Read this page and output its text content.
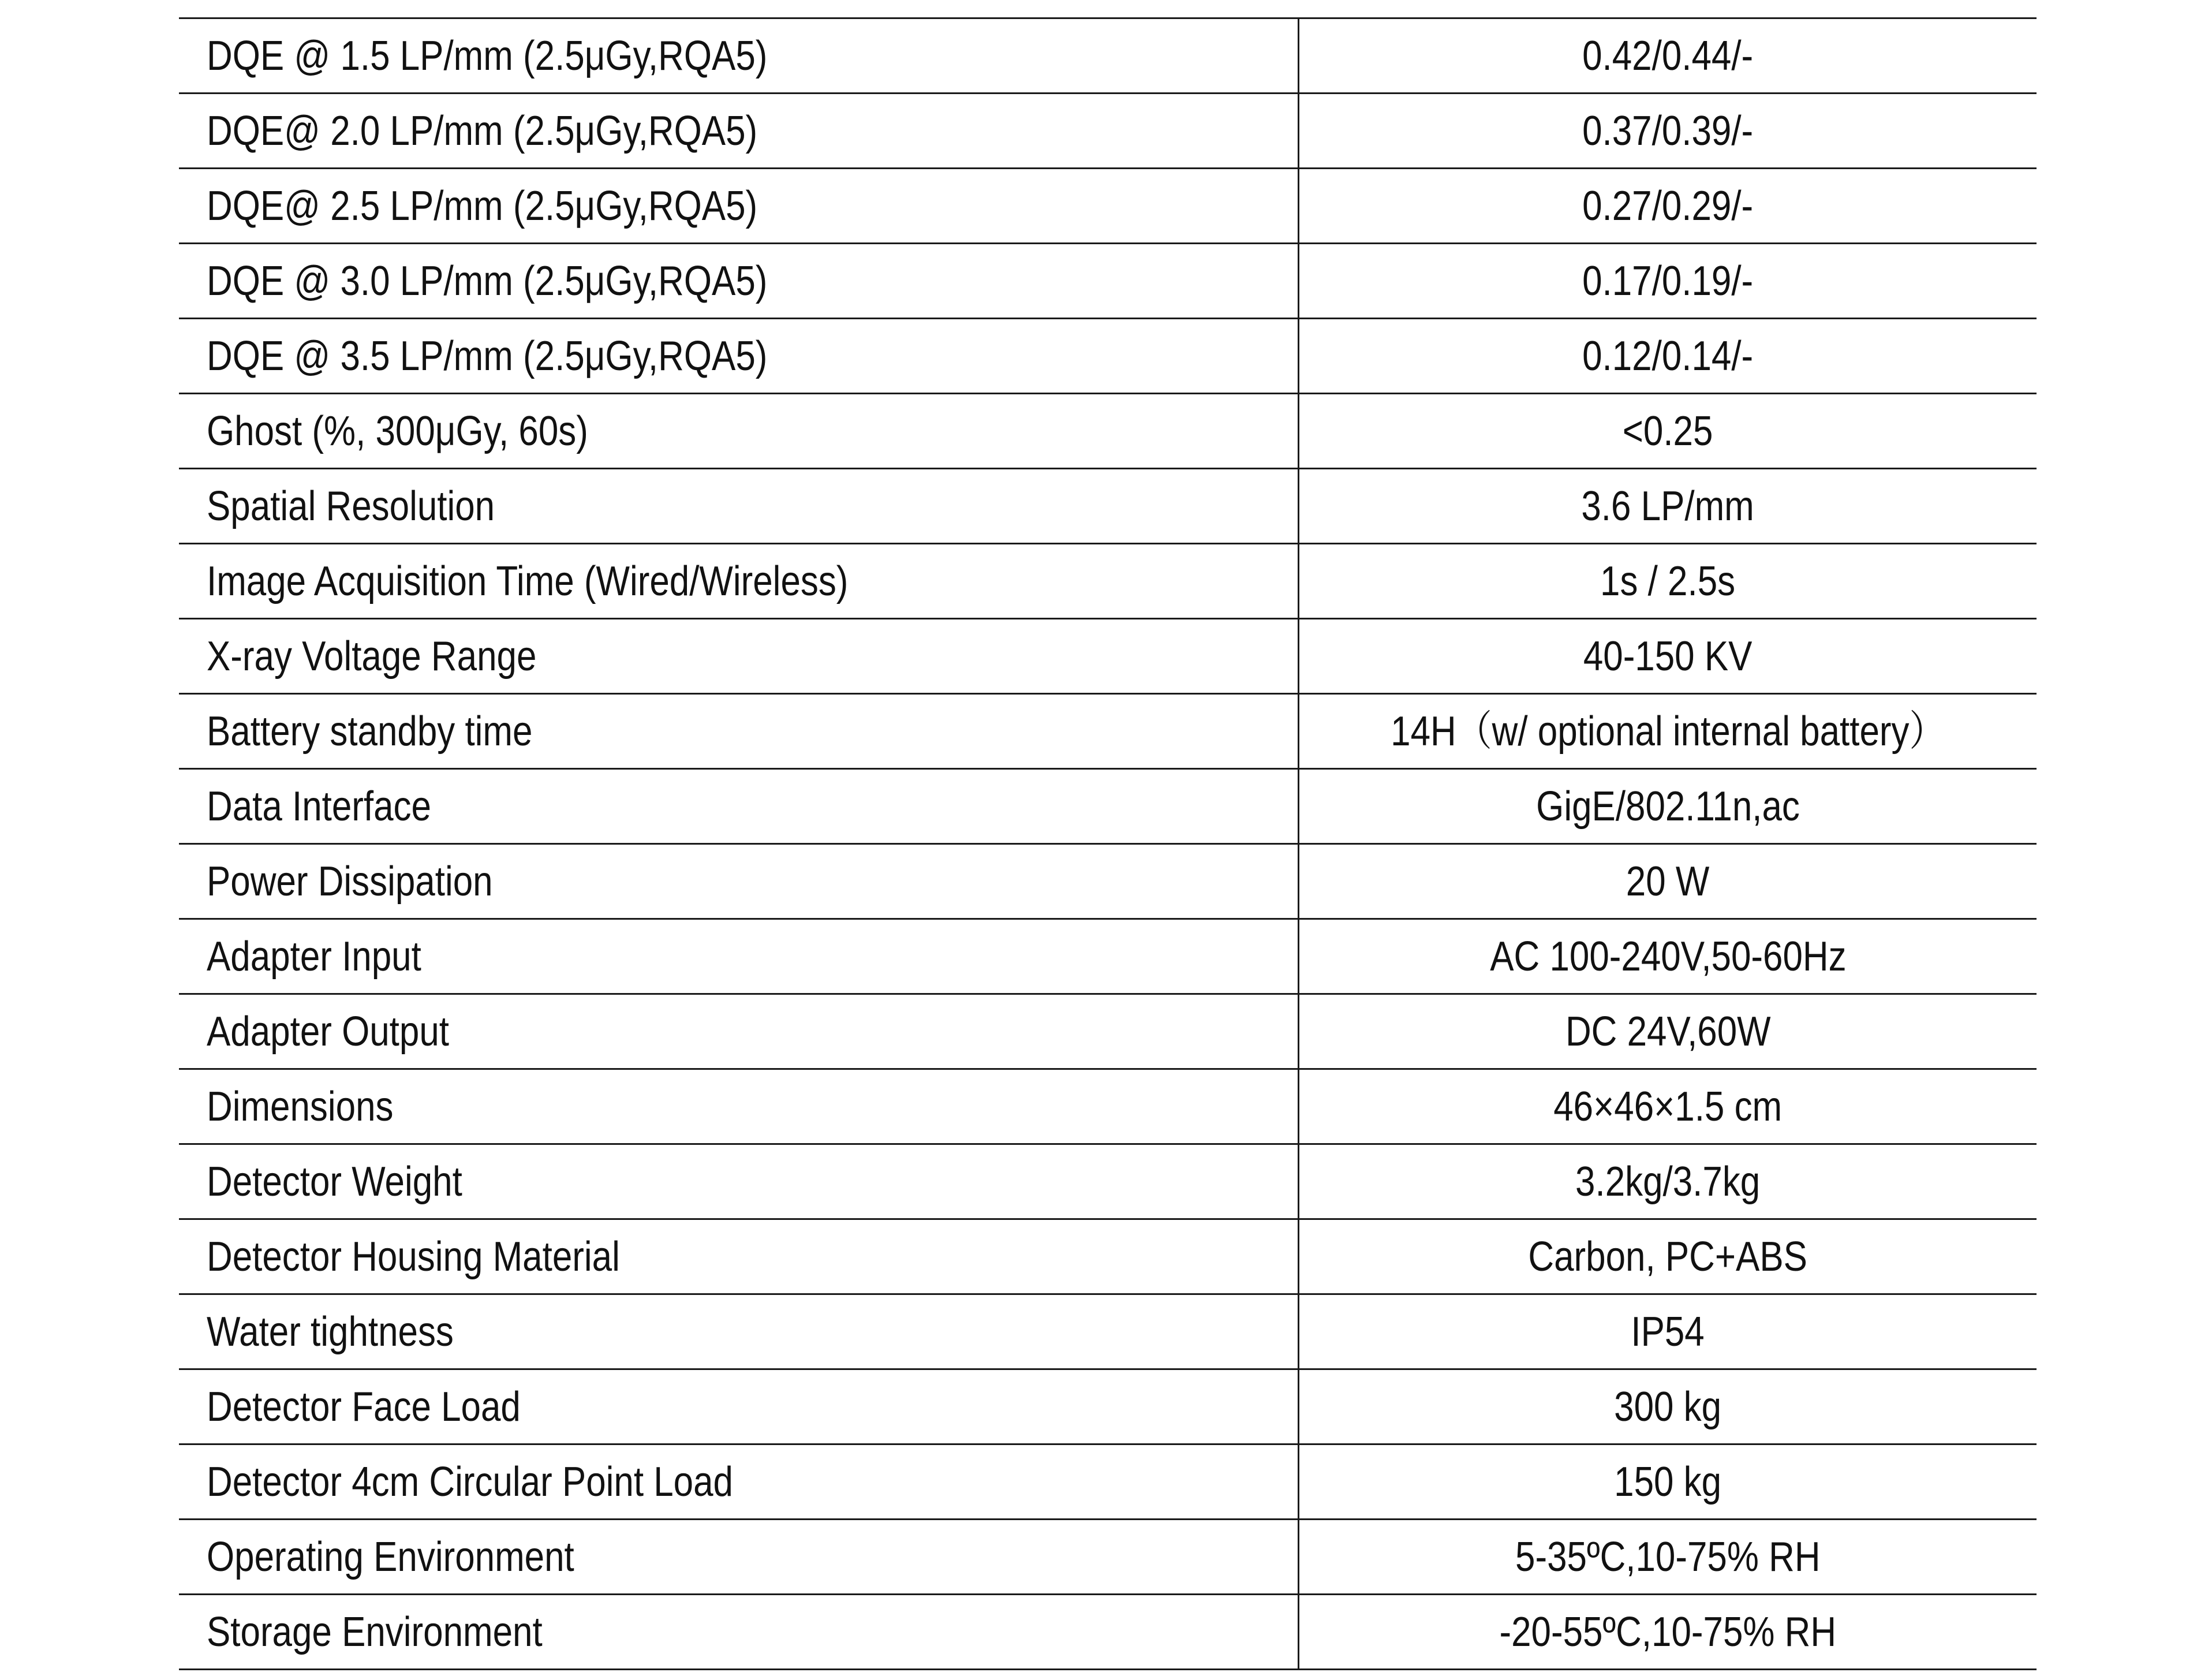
DQE @ 1.5 LP/mm (2.5μGy,RQA5)	0.42/0.44/-
DQE@ 2.0 LP/mm (2.5μGy,RQA5)	0.37/0.39/-
DQE@ 2.5 LP/mm (2.5μGy,RQA5)	0.27/0.29/-
DQE @ 3.0 LP/mm (2.5μGy,RQA5)	0.17/0.19/-
DQE @ 3.5 LP/mm (2.5μGy,RQA5)	0.12/0.14/-
Ghost (%, 300μGy, 60s)	<0.25
Spatial Resolution	3.6 LP/mm
Image Acquisition Time (Wired/Wireless)	1s / 2.5s
X-ray Voltage Range	40-150 KV
Battery standby time	14H（w/ optional internal battery）
Data Interface	GigE/802.11n,ac
Power Dissipation	20 W
Adapter Input	AC 100-240V,50-60Hz
Adapter Output	DC 24V,60W
Dimensions	46×46×1.5 cm
Detector Weight	3.2kg/3.7kg
Detector Housing Material	Carbon, PC+ABS
Water tightness	IP54
Detector Face Load	300 kg
Detector 4cm Circular Point Load	150 kg
Operating Environment	5-35ºC,10-75% RH
Storage Environment	-20-55ºC,10-75% RH
